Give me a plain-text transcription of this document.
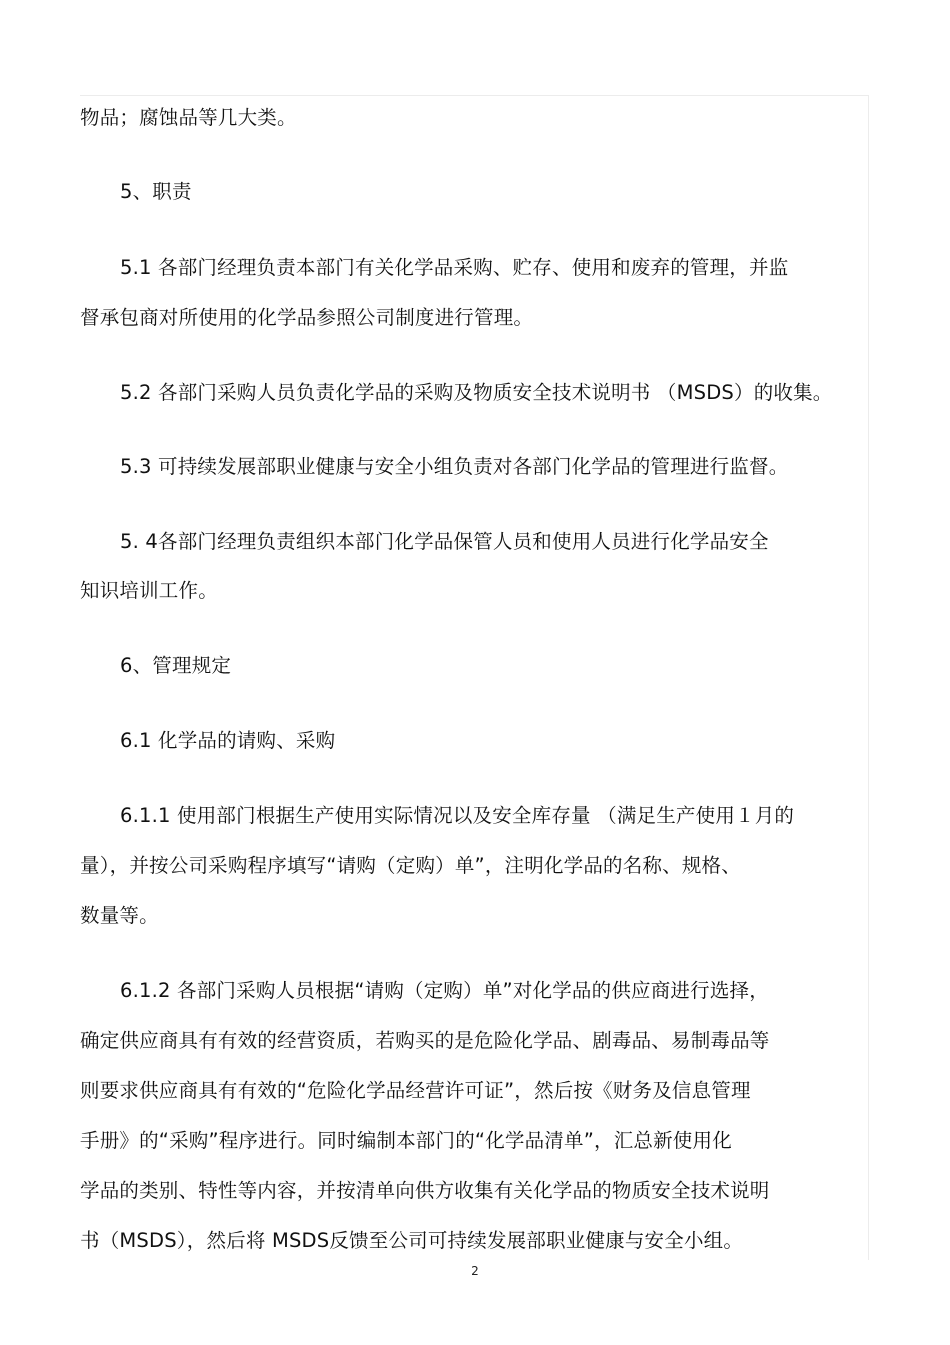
物品；腐蚀品等几大类。

5、职责

5.1 各部门经理负责本部门有关化学品采购、贮存、使用和废弃的管理，并监

督承包商对所使用的化学品参照公司制度进行管理。

5.2 各部门采购人员负责化学品的采购及物质安全技术说明书 （MSDS）的收集。

5.3 可持续发展部职业健康与安全小组负责对各部门化学品的管理进行监督。

5. 4各部门经理负责组织本部门化学品保管人员和使用人员进行化学品安全

知识培训工作。

6、管理规定

6.1 化学品的请购、采购

6.1.1 使用部门根据生产使用实际情况以及安全库存量 （满足生产使用１月的

量），并按公司采购程序填写“请购（定购）单”，注明化学品的名称、规格、

数量等。

6.1.2 各部门采购人员根据“请购（定购）单”对化学品的供应商进行选择，

确定供应商具有有效的经营资质，若购买的是危险化学品、剧毒品、易制毒品等

则要求供应商具有有效的“危险化学品经营许可证”，然后按《财务及信息管理

手册》的“采购”程序进行。同时编制本部门的“化学品清单”，汇总新使用化

学品的类别、特性等内容，并按清单向供方收集有关化学品的物质安全技术说明

书（MSDS），然后将 MSDS反馈至公司可持续发展部职业健康与安全小组。

2
